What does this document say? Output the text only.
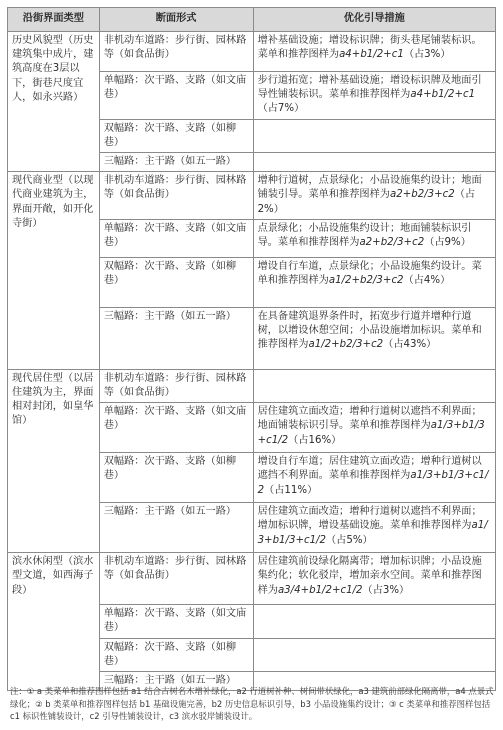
沿街界面类型	断面形式	优化引导措施
历史风貌型（历史建筑集中成片，建筑高度在3层以下，街巷尺度宜人，如永兴路）	非机动车道路：步行街、园林路等（如食品街）	增补基础设施；增设标识牌；街头巷尾铺装标识。菜单和推荐图样为a4+b1/2+c1（占3%）
	单幅路：次干路、支路（如文庙巷）	步行道拓宽；增补基础设施；增设标识牌及地面引导性铺装标识。菜单和推荐图样为a4+b1/2+c1（占7%）
	双幅路：次干路、支路（如柳巷）	
	三幅路：主干路（如五一路）	
现代商业型（以现代商业建筑为主，界面开敞，如开化寺街）	非机动车道路：步行街、园林路等（如食品街）	增种行道树，点景绿化；小品设施集约设计；地面铺装引导。菜单和推荐图样为a2+b2/3+c2（占2%）
	单幅路：次干路、支路（如文庙巷）	点景绿化；小品设施集约设计；地面铺装标识引导。菜单和推荐图样为a2+b2/3+c2（占9%）
	双幅路：次干路、支路（如柳巷）	增设自行车道，点景绿化；小品设施集约设计。菜单和推荐图样为a1/2+b2/3+c2（占4%）
	三幅路：主干路（如五一路）	在具备建筑退界条件时，拓宽步行道并增种行道树，以增设休憩空间；小品设施增加标识。菜单和推荐图样为a1/2+b2/3+c2（占43%）
现代居住型（以居住建筑为主，界面相对封闭，如皇华馆）	非机动车道路：步行街、园林路等（如食品街）	
	单幅路：次干路、支路（如文庙巷）	居住建筑立面改造；增种行道树以遮挡不利界面；地面铺装标识引导。菜单和推荐图样为a1/3+b1/3+c1/2（占16%）
	双幅路：次干路、支路（如柳巷）	增设自行车道；居住建筑立面改造；增种行道树以遮挡不利界面。菜单和推荐图样为a1/3+b1/3+c1/2（占11%）
	三幅路：主干路（如五一路）	居住建筑立面改造；增种行道树以遮挡不利界面；增加标识牌，增设基础设施。菜单和推荐图样为a1/3+b1/3+c1/2（占5%）
滨水休闲型（滨水型文道，如西海子段）	非机动车道路：步行街、园林路等（如食品街）	居住建筑前设绿化隔离带；增加标识牌；小品设施集约化；软化驳岸，增加亲水空间。菜单和推荐图样为a3/4+b1/2+c1/2（占3%）
	单幅路：次干路、支路（如文庙巷）	
	双幅路：次干路、支路（如柳巷）	
	三幅路：主干路（如五一路）	
注：① a 类菜单和推荐图样包括 a1 结合古树名木增补绿化，a2 行道树补种、树间带状绿化，a3 建筑前部绿化隔离带，a4 点景式绿化；② b 类菜单和推荐图样包括 b1 基础设施完善，b2 历史信息标识引导，b3 小品设施集约设计；③ c 类菜单和推荐图样包括 c1 标识性铺装设计，c2 引导性铺装设计，c3 滨水驳岸铺装设计。
